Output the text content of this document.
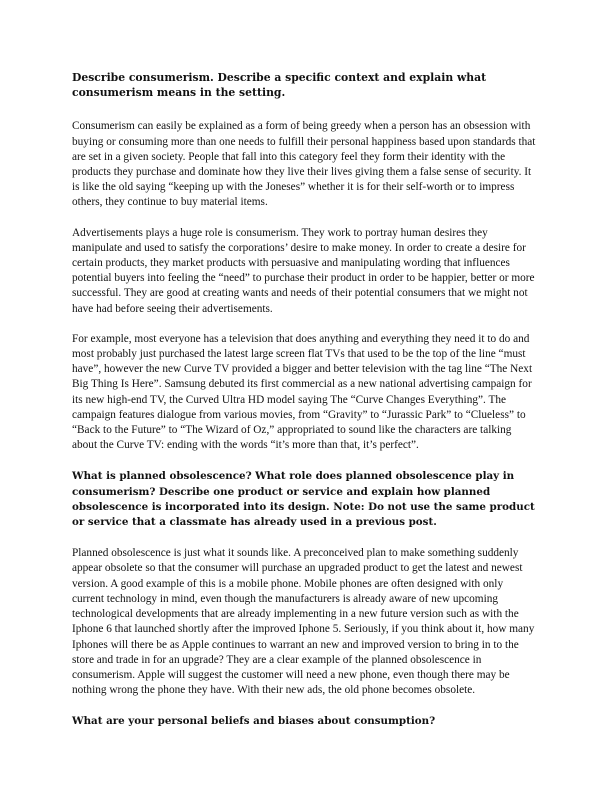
Describe consumerism. Describe a specific context and explain what consumerism means in the setting.

Consumerism can easily be explained as a form of being greedy when a person has an obsession with buying or consuming more than one needs to fulfill their personal happiness based upon standards that are set in a given society. People that fall into this category feel they form their identity with the products they purchase and dominate how they live their lives giving them a false sense of security. It is like the old saying “keeping up with the Joneses” whether it is for their self-worth or to impress others, they continue to buy material items.

Advertisements plays a huge role is consumerism. They work to portray human desires they manipulate and used to satisfy the corporations’ desire to make money. In order to create a desire for certain products, they market products with persuasive and manipulating wording that influences potential buyers into feeling the “need” to purchase their product in order to be happier, better or more successful. They are good at creating wants and needs of their potential consumers that we might not have had before seeing their advertisements.

For example, most everyone has a television that does anything and everything they need it to do and most probably just purchased the latest large screen flat TVs that used to be the top of the line “must have”, however the new Curve TV provided a bigger and better television with the tag line “The Next Big Thing Is Here”. Samsung debuted its first commercial as a new national advertising campaign for its new high-end TV, the Curved Ultra HD model saying The “Curve Changes Everything”. The campaign features dialogue from various movies, from “Gravity” to “Jurassic Park” to “Clueless” to “Back to the Future” to “The Wizard of Oz,” appropriated to sound like the characters are talking about the Curve TV: ending with the words “it’s more than that, it’s perfect”.

What is planned obsolescence? What role does planned obsolescence play in consumerism? Describe one product or service and explain how planned obsolescence is incorporated into its design. Note: Do not use the same product or service that a classmate has already used in a previous post.

Planned obsolescence is just what it sounds like. A preconceived plan to make something suddenly appear obsolete so that the consumer will purchase an upgraded product to get the latest and newest version. A good example of this is a mobile phone. Mobile phones are often designed with only current technology in mind, even though the manufacturers is already aware of new upcoming technological developments that are already implementing in a new future version such as with the Iphone 6 that launched shortly after the improved Iphone 5. Seriously, if you think about it, how many Iphones will there be as Apple continues to warrant an new and improved version to bring in to the store and trade in for an upgrade? They are a clear example of the planned obsolescence in consumerism. Apple will suggest the customer will need a new phone, even though there may be nothing wrong the phone they have. With their new ads, the old phone becomes obsolete.

What are your personal beliefs and biases about consumption?
